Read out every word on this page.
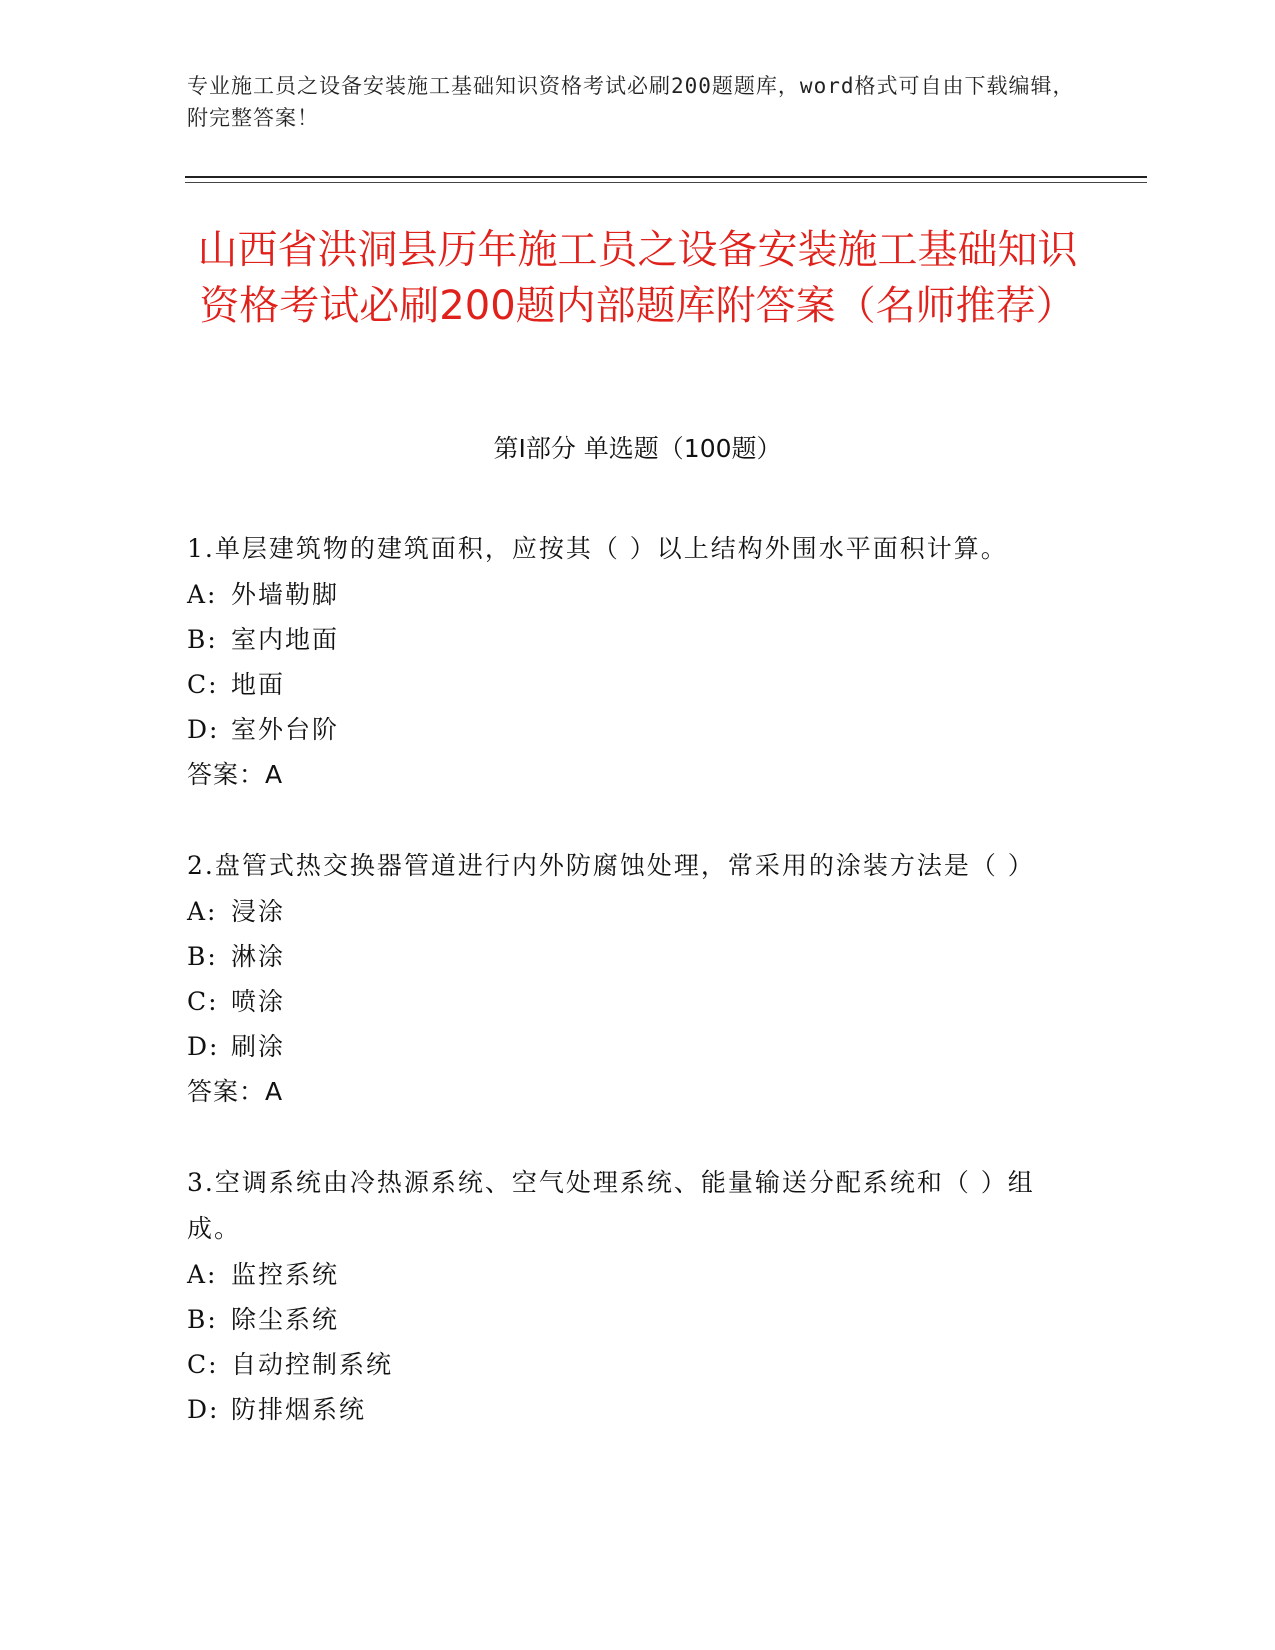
专业施工员之设备安装施工基础知识资格考试必刷200题题库，word格式可自由下载编辑，附完整答案！
山西省洪洞县历年施工员之设备安装施工基础知识资格考试必刷200题内部题库附答案（名师推荐）
第Ⅰ部分 单选题（100题）
1.单层建筑物的建筑面积，应按其（ ）以上结构外围水平面积计算。
A: 外墙勒脚
B: 室内地面
C: 地面
D: 室外台阶
答案：A
2.盘管式热交换器管道进行内外防腐蚀处理，常采用的涂装方法是（ ）
A: 浸涂
B: 淋涂
C: 喷涂
D: 刷涂
答案：A
3.空调系统由冷热源系统、空气处理系统、能量输送分配系统和（ ）组成。
A: 监控系统
B: 除尘系统
C: 自动控制系统
D: 防排烟系统
